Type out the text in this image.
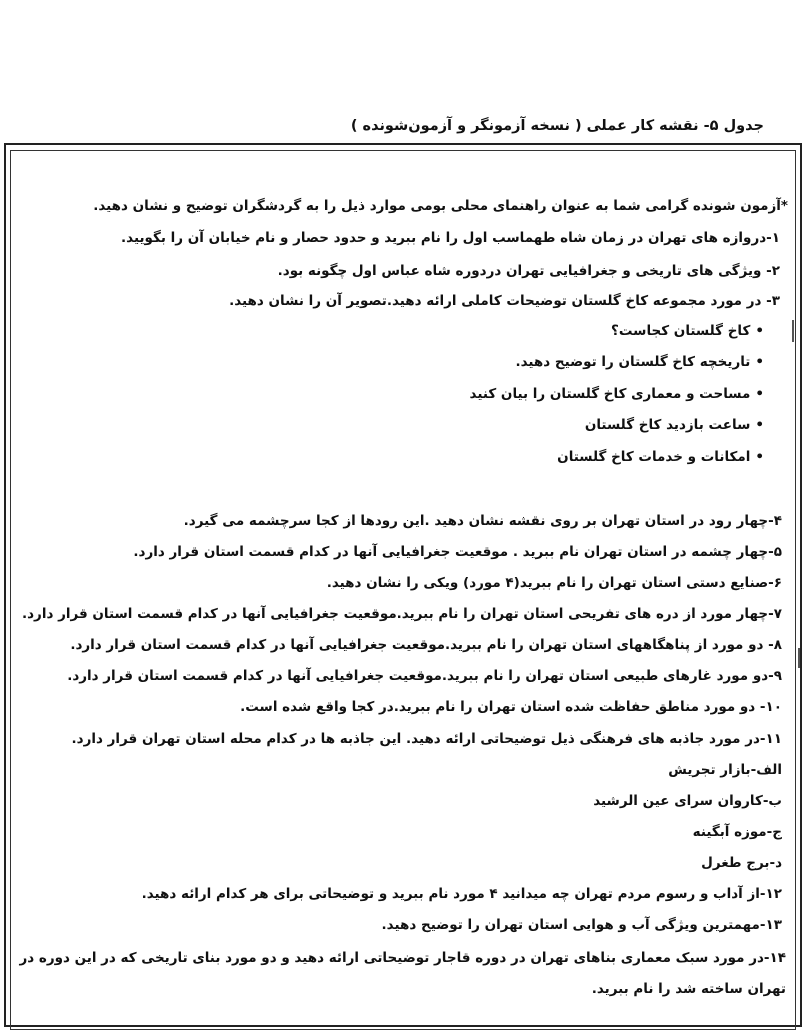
جدول ۵- نقشه کار عملی ( نسخه آزمونگر و آزمون‌شونده )
*آزمون شونده گرامی شما به عنوان راهنمای محلی بومی موارد ذیل را به گردشگران توضیح و نشان دهید.
۱-دروازه های تهران در زمان شاه طهماسب اول را نام ببرید و حدود حصار و نام خیابان آن را بگویید.
۲- ویژگی های تاریخی و جغرافیایی تهران دردوره شاه عباس اول چگونه بود.
۳- در مورد مجموعه کاخ گلستان توضیحات کاملی ارائه دهید.تصویر آن را نشان دهید.
• کاخ گلستان کجاست؟
• تاریخچه کاخ گلستان را توضیح دهید.
• مساحت و معماری کاخ گلستان را بیان کنید
• ساعت بازدید کاخ گلستان
• امکانات و خدمات کاخ گلستان
۴-چهار رود در استان تهران بر روی نقشه نشان دهید .این رودها از کجا سرچشمه می گیرد.
۵-چهار چشمه در استان تهران نام ببرید . موقعیت جغرافیایی آنها در کدام قسمت استان قرار دارد.
۶-صنایع دستی استان تهران را نام ببرید(۴ مورد) ویکی را نشان دهید.
۷-چهار مورد از دره های تفریحی استان تهران را نام ببرید.موقعیت جغرافیایی آنها در کدام قسمت استان قرار دارد.
۸- دو مورد از پناهگاههای استان تهران را نام ببرید.موقعیت جغرافیایی آنها در کدام قسمت استان قرار دارد.
۹-دو مورد غارهای طبیعی استان تهران را نام ببرید.موقعیت جغرافیایی آنها در کدام قسمت استان قرار دارد.
۱۰- دو مورد مناطق حفاظت شده استان تهران را نام ببرید.در کجا واقع شده است.
۱۱-در مورد جاذبه های فرهنگی ذیل توضیحاتی ارائه دهید. این جاذبه ها در کدام محله استان تهران قرار دارد.
الف-بازار تجریش
ب-کاروان سرای عین الرشید
ج-موزه آبگینه
د-برج طغرل
۱۲-از آداب و رسوم مردم تهران چه میدانید ۴ مورد نام ببرید و توضیحاتی برای هر کدام ارائه دهید.
۱۳-مهمترین ویژگی آب و هوایی استان تهران را توضیح دهید.
۱۴-در مورد سبک معماری بناهای تهران در دوره قاجار توضیحاتی ارائه دهید و دو مورد بنای تاریخی که در این دوره در
تهران ساخته شد را نام ببرید.
